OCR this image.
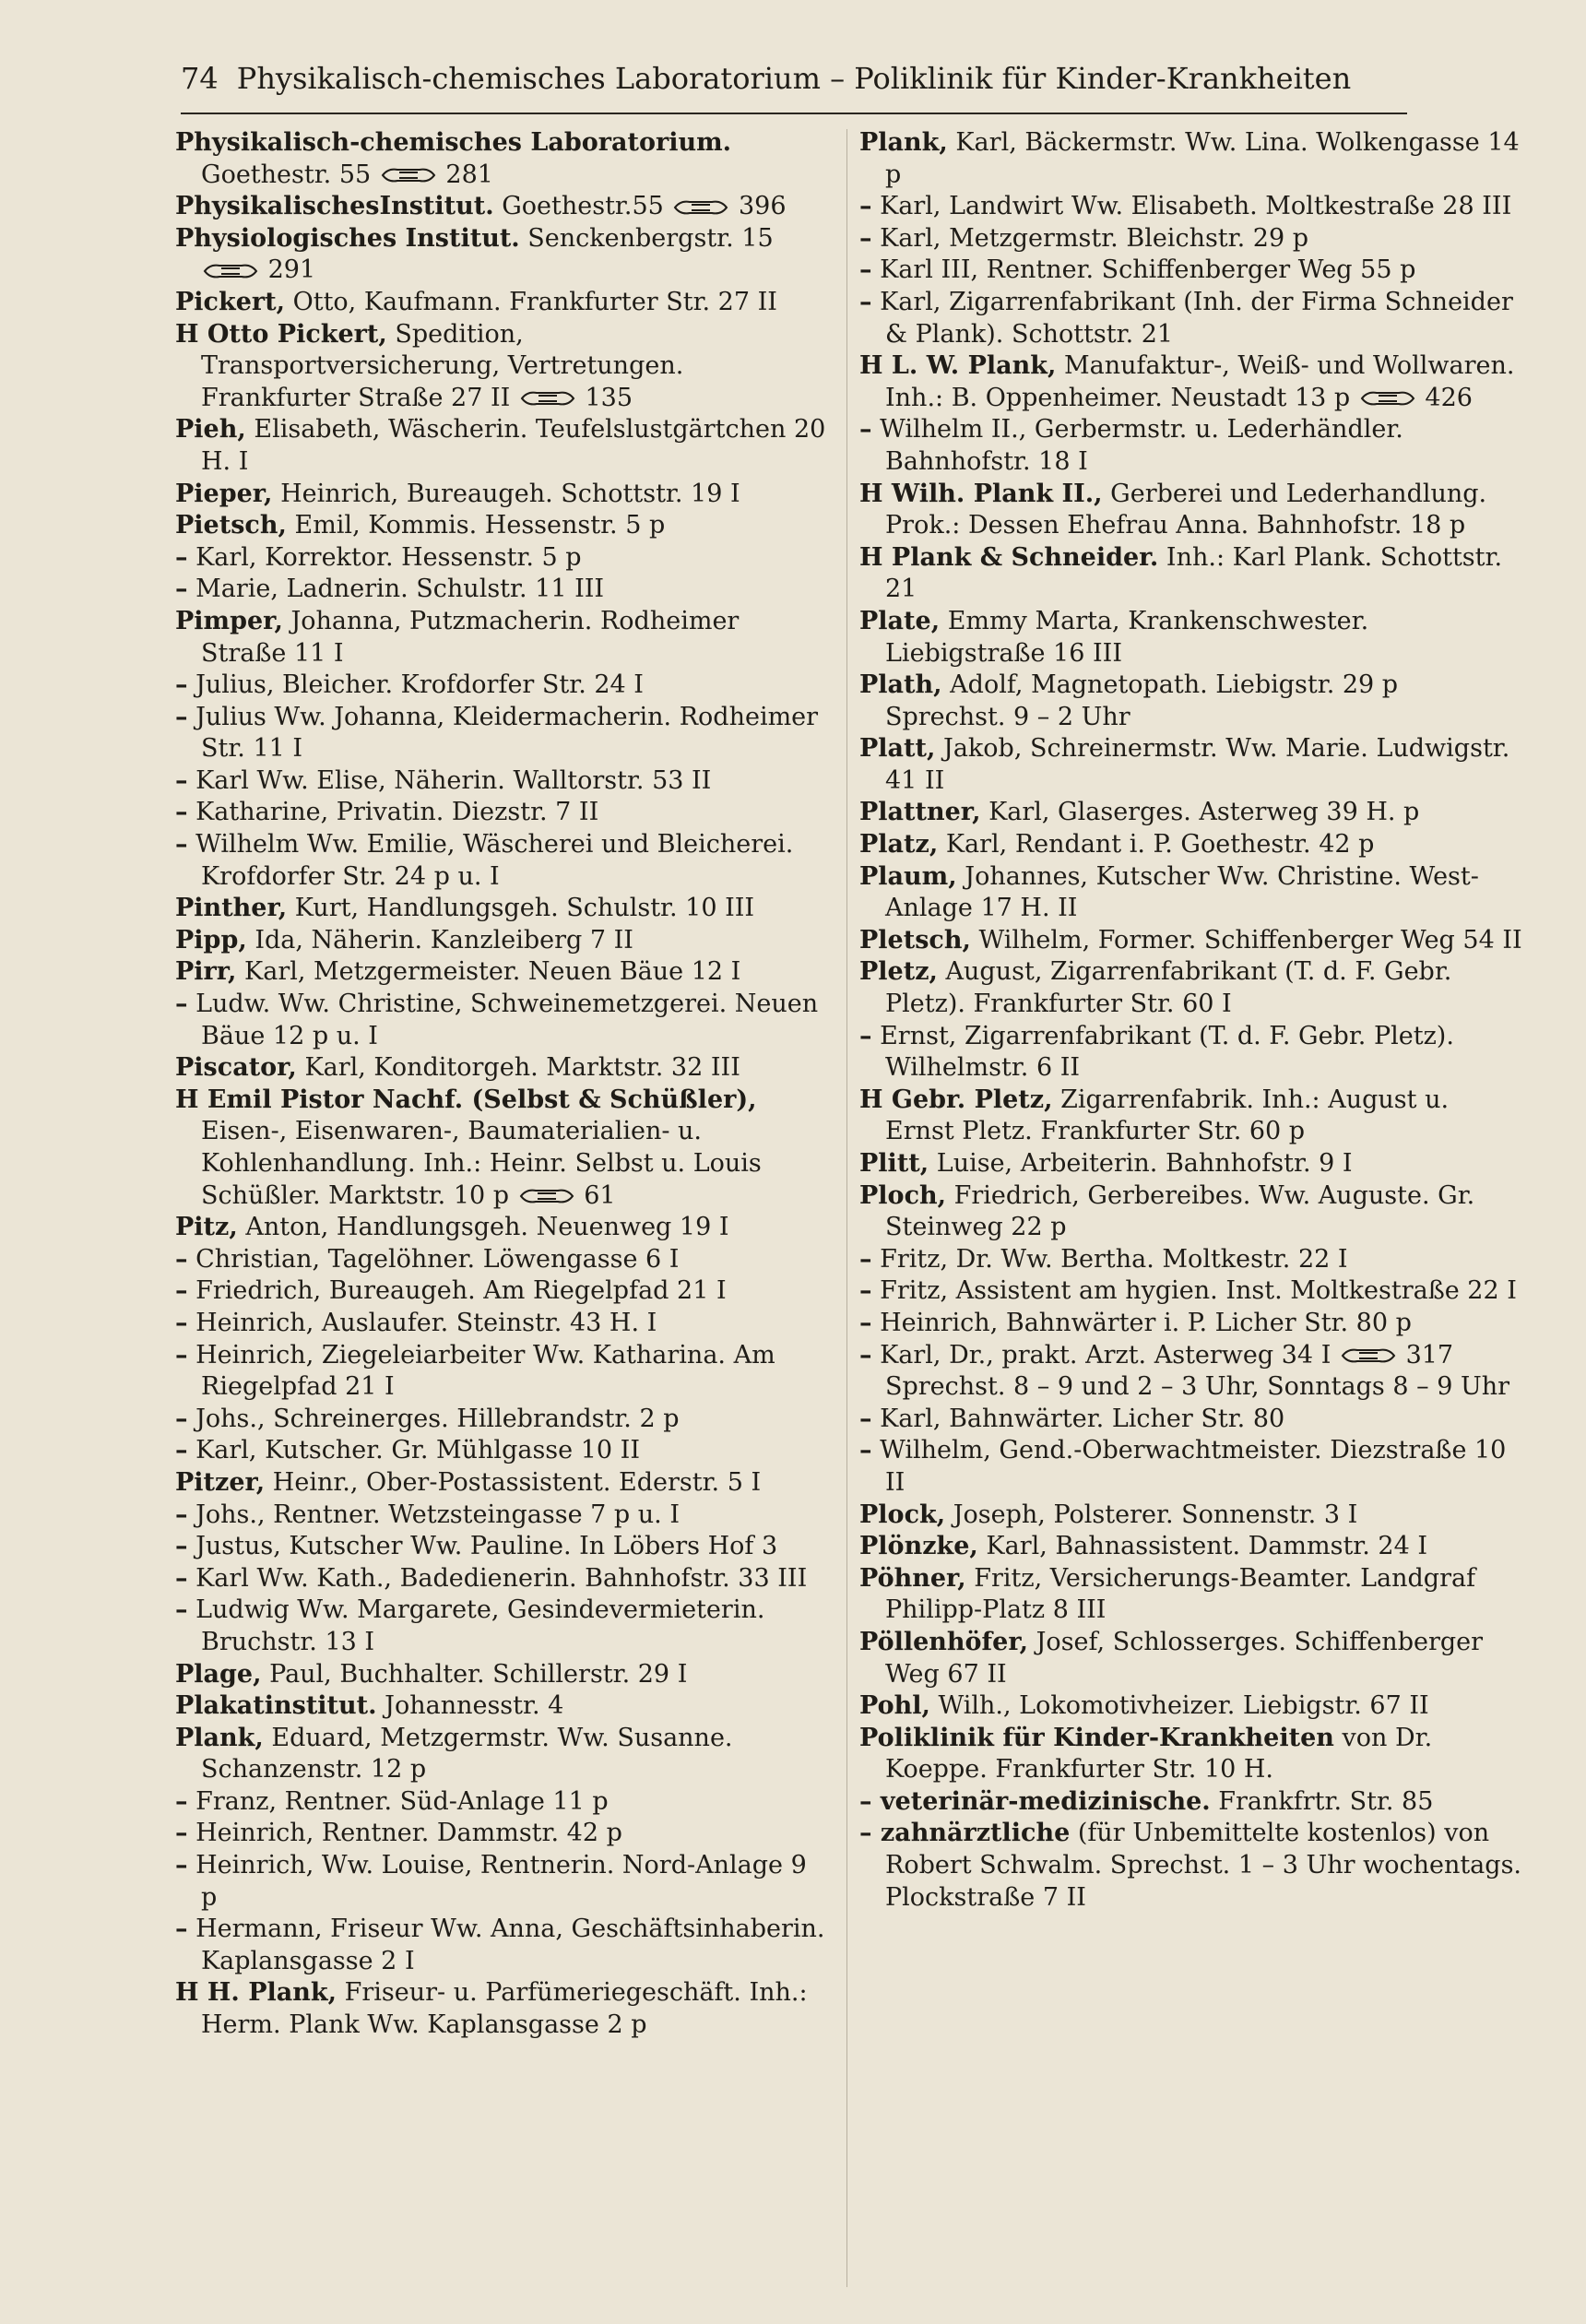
74 Physikalisch-chemisches Laboratorium – Poliklinik für Kinder-Krankheiten

Physikalisch-chemisches Laboratorium. Goethestr. 55	281

PhysikalischesInstitut. Goethestr.55	396

Physiologisches Institut. Senckenbergstr. 15
291

Pickert, Otto, Kaufmann. Frankfurter Str. 27 II

H Otto Pickert, Spedition, Transportversicherung, Vertretungen. Frankfurter Straße 27 II	135

Pieh, Elisabeth, Wäscherin. Teufelslustgärtchen 20 H. I

Pieper, Heinrich, Bureaugeh. Schottstr. 19 I

Pietsch, Emil, Kommis. Hessenstr. 5 p

– Karl, Korrektor. Hessenstr. 5 p

– Marie, Ladnerin. Schulstr. 11 III

Pimper, Johanna, Putzmacherin. Rodheimer Straße 11 I

– Julius, Bleicher. Krofdorfer Str. 24 I

– Julius Ww. Johanna, Kleidermacherin. Rodheimer Str. 11 I

– Karl Ww. Elise, Näherin. Walltorstr. 53 II

– Katharine, Privatin. Diezstr. 7 II

– Wilhelm Ww. Emilie, Wäscherei und Bleicherei. Krofdorfer Str. 24 p u. I

Pinther, Kurt, Handlungsgeh. Schulstr. 10 III

Pipp, Ida, Näherin. Kanzleiberg 7 II

Pirr, Karl, Metzgermeister. Neuen Bäue 12 I

– Ludw. Ww. Christine, Schweinemetzgerei. Neuen Bäue 12 p u. I

Piscator, Karl, Konditorgeh. Marktstr. 32 III

H Emil Pistor Nachf. (Selbst & Schüßler), Eisen-, Eisenwaren-, Baumaterialien- u. Kohlenhandlung. Inh.: Heinr. Selbst u. Louis Schüßler. Marktstr. 10 p	61

Pitz, Anton, Handlungsgeh. Neuenweg 19 I

– Christian, Tagelöhner. Löwengasse 6 I

– Friedrich, Bureaugeh. Am Riegelpfad 21 I

– Heinrich, Auslaufer. Steinstr. 43 H. I

– Heinrich, Ziegeleiarbeiter Ww. Katharina. Am Riegelpfad 21 I

– Johs., Schreinerges. Hillebrandstr. 2 p

– Karl, Kutscher. Gr. Mühlgasse 10 II

Pitzer, Heinr., Ober-Postassistent. Ederstr. 5 I

– Johs., Rentner. Wetzsteingasse 7 p u. I

– Justus, Kutscher Ww. Pauline. In Löbers Hof 3

– Karl Ww. Kath., Badedienerin. Bahnhofstr. 33 III

– Ludwig Ww. Margarete, Gesindevermieterin. Bruchstr. 13 I

Plage, Paul, Buchhalter. Schillerstr. 29 I

Plakatinstitut. Johannesstr. 4

Plank, Eduard, Metzgermstr. Ww. Susanne. Schanzenstr. 12 p

– Franz, Rentner. Süd-Anlage 11 p

– Heinrich, Rentner. Dammstr. 42 p

– Heinrich, Ww. Louise, Rentnerin. Nord-Anlage 9 p

– Hermann, Friseur Ww. Anna, Geschäftsinhaberin. Kaplansgasse 2 I

H H. Plank, Friseur- u. Parfümeriegeschäft. Inh.: Herm. Plank Ww. Kaplansgasse 2 p

Plank, Karl, Bäckermstr. Ww. Lina. Wolkengasse 14 p

– Karl, Landwirt Ww. Elisabeth. Moltkestraße 28 III

– Karl, Metzgermstr. Bleichstr. 29 p

– Karl III, Rentner. Schiffenberger Weg 55 p

– Karl, Zigarrenfabrikant (Inh. der Firma Schneider & Plank). Schottstr. 21

H L. W. Plank, Manufaktur-, Weiß- und Wollwaren. Inh.: B. Oppenheimer. Neustadt 13 p	426

– Wilhelm II., Gerbermstr. u. Lederhändler. Bahnhofstr. 18 I

H Wilh. Plank II., Gerberei und Lederhandlung. Prok.: Dessen Ehefrau Anna. Bahnhofstr. 18 p

H Plank & Schneider. Inh.: Karl Plank. Schottstr. 21

Plate, Emmy Marta, Krankenschwester. Liebigstraße 16 III

Plath, Adolf, Magnetopath. Liebigstr. 29 p Sprechst. 9 – 2 Uhr

Platt, Jakob, Schreinermstr. Ww. Marie. Ludwigstr. 41 II

Plattner, Karl, Glaserges. Asterweg 39 H. p

Platz, Karl, Rendant i. P. Goethestr. 42 p

Plaum, Johannes, Kutscher Ww. Christine. West-Anlage 17 H. II

Pletsch, Wilhelm, Former. Schiffenberger Weg 54 II

Pletz, August, Zigarrenfabrikant (T. d. F. Gebr. Pletz). Frankfurter Str. 60 I

– Ernst, Zigarrenfabrikant (T. d. F. Gebr. Pletz). Wilhelmstr. 6 II

H Gebr. Pletz, Zigarrenfabrik. Inh.: August u. Ernst Pletz. Frankfurter Str. 60 p

Plitt, Luise, Arbeiterin. Bahnhofstr. 9 I

Ploch, Friedrich, Gerbereibes. Ww. Auguste. Gr. Steinweg 22 p

– Fritz, Dr. Ww. Bertha. Moltkestr. 22 I

– Fritz, Assistent am hygien. Inst. Moltkestraße 22 I

– Heinrich, Bahnwärter i. P. Licher Str. 80 p

– Karl, Dr., prakt. Arzt. Asterweg 34 I	317 Sprechst. 8 – 9 und 2 – 3 Uhr, Sonntags 8 – 9 Uhr

– Karl, Bahnwärter. Licher Str. 80

– Wilhelm, Gend.-Oberwachtmeister. Diezstraße 10 II

Plock, Joseph, Polsterer. Sonnenstr. 3 I

Plönzke, Karl, Bahnassistent. Dammstr. 24 I

Pöhner, Fritz, Versicherungs-Beamter. Landgraf Philipp-Platz 8 III

Pöllenhöfer, Josef, Schlosserges. Schiffenberger Weg 67 II

Pohl, Wilh., Lokomotivheizer. Liebigstr. 67 II

Poliklinik für Kinder-Krankheiten von Dr. Koeppe. Frankfurter Str. 10 H.

– veterinär-medizinische. Frankfrtr. Str. 85

– zahnärztliche (für Unbemittelte kostenlos) von Robert Schwalm. Sprechst. 1 – 3 Uhr wochentags. Plockstraße 7 II
